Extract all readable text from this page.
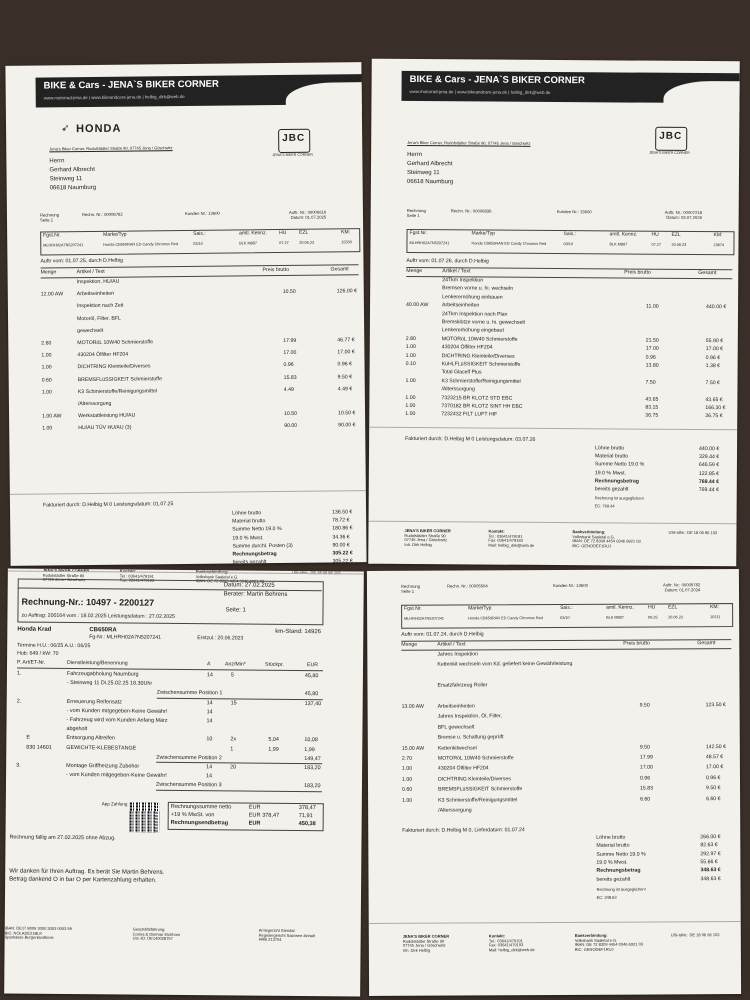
BIKE & Cars - JENA`S BIKER CORNER
www.motorrad-jena.de | www.bikeandcars-jena.de | helbig_dirk@web.de
HONDA
➶
JBC
JENA'S BIKER CORNER
Jena's Biker Corner, Rudolstädter Straße 90, 07745 Jena / Göschwitz
Herrn
Gerhard Albrecht
Steinweg 11
06618 Naumburg
Rechnung
Seite 1
Rechn. Nr.: 00006782	Kunden Nr.: 13600	Auftr. Nr.: 00006616
Datum: 01.07.2025
Fgst.Nr.	Marke/Typ	Sais.:	amtl. Kennz. HU	EZL	KM:
MLHRH02A7N5207241	Honda CB650RAN ED Candy Chromos Red	03/10	BLK M887	07.27	20.06.23	15550
Auftr vom: 01.07.25, durch D.Helbig
Menge	Artikel / Text	Preis brutto	Gesamt
Inspektion, HU/AU
12.00 AW	Arbeitseinheiten	10.50	126.00 €
Inspektion nach Zeit
Motoröl, Filter, BFL
gewechselt
2.60	MOTORöL 10W40 Schmierstoffe	17.99	46.77 €
1.00	430204 Ölfilter HF204	17.00	17.00 €
1.00	DICHTRING Kleinteile/Diverses	0.96	0.96 €
0.60	BREMSFLüSSIGKEIT Schmierstoffe	15.83	9.50 €
1.00	K3 Schmierstoffe/Reinigungsmittel	4.49	4.49 €
/Alterssorgung
1.00 AW	Werkstattleistung HU/AU	10.50	10.50 €
1.00	HU/AU TÜV HU/AU (3)	90.00	90.00 €
Fakturiert durch: D.Helbig M 0 Leistungsdatum: 01.07.25
Löhne brutto	136.50 €
Material brutto	78.72 €
Summe Netto 19.0 %	180.86 €
19.0 % Mwst.	34.36 €
Summe durchl. Posten (3)	90.00 €
Rechnungsbetrag	305.22 €
bereits gezahlt	305.22 €
BIKE & Cars - JENA`S BIKER CORNER
www.motorrad-jena.de | www.bikeandcars-jena.de | helbig_dirk@web.de
JBC
JENA'S BIKER CORNER
Jena's Biker Corner, Rudolstädter Straße 90, 07745 Jena / Göschwitz
Herrn
Gerhard Albrecht
Steinweg 11
06618 Naumburg
Rechnung
Seite 1
Rechn. Nr.: 00006836	Kunden Nr.: 13600	Auftr. Nr.: 00007218
Datum: 03.07.2026
Fgst.Nr.	Marke/Typ	Sais.:	amtl. Kennz.	HU	EZL	KM:
MLHRH02A7N5207241	Honda CB650RAN ED Candy Chromos Red	03/10	BLK M887	07.27	20.06.23	23674
Auftr vom: 01.07.26, durch D.Helbig
Menge	Artikel / Text	Preis brutto	Gesamt
24Tkm Inspektion
Bremsen vorne u. hi. wechseln
Lenkerernöhung einbauen
40.00 AW	Arbeitseinheiten	11.00	440.00 €
24Tkm Inspektion nach Plan
Bremsklötze vorne u. hi. gewechselt
Lenkererhöhung eingebaut
2.80	MOTORöL 10W40 Schmierstoffe	21.50	55.90 €
1.00	430204 Ölfilter HF204	17.00	17.00 €
1.00	DICHTRING Kleinteile/Diverses	0.96	0.96 €
0.10	KüHLFLüSSIGKEIT Schmierstoffe	13.80	1.38 €
Total Glacelf Plus
1.00	K3 Schmierstoffe/Reinigungsmittel	7.50	7.50 €
/Alterssorgung
1.00	7323215 BR KLOTZ STD EBC	43.65	43.65 €
1.00	7370182 BR KLOTZ SINT HH EBC	83.15	166.30 €
1.00	7232432 FILT LUFT HIF	36.75	36.75 €
Fakturiert durch: D.Helbig M 0 Leistungsdatum: 03.07.26
Löhne brutto	440.00 €
Material brutto	329.44 €
Summe Netto 19.0 %	646.59 €
19.0 % Mwst.	122.85 €
Rechnungsbetrag	769.44 €
bereits gezahlt	769.44 €
Rechnung ist ausgeglichen!
EC: 769.44
JENA'S BIKER CORNER
Rudolstädter Straße 90
07745 Jena / Göschwitz
Inh. Dirk Helbig
Kontakt:
Tel.: 03641/479191
Fax: 03641/479193
Mail: helbig_dirk@web.de
Bankverbindung:
Volksbank Saaletal e.G.
IBAN: DE 72 8309 4454 0346 6921 03
BIC: GENODEF1RUJ
USt-IdNr.: DE 18 06 96 103
Rudolstädter Straße 90
07745 Jena / Göschwitz
Tel.: 03641/479191
Fax: 03641/479193
Volksbank Saaletal e.G.
IBAN: DE 72 8309 4454 0346 6921 03
Datum: 27.02.2025
Berater: Martin Behrens
Rechnung-Nr.: 10497 - 2200127
Seite: 1
zu Auftrag: 200164 vom : 18.02.2025 Leistungsdatum : 27.02.2025
Honda Krad	CB650RA	km-Stand: 14926
Fg-Nr.: MLHRH02A7N5207241	Erstzul.: 20.06.2023
Termine H.U.: 06/25 A.U.: 06/25
Hub: 649 / kW: 70
P. Art/ET-Nr.	Dienstleistung/Benennung	A	Anz/Min*	Stückpr.	EUR
1.	Fahrzeugabholung Naumburg	14	5	45,80
- Steinweg 11 Di.25.02.25 18.30Uhr
Zwischensumme Position 1	45,80
2.	Erneuerung Reifensatz	14	15	137,40
- vom Kunden mitgegeben-Keine Gewähr!	14
- Fahrzeug wird vom Kunden Anfang März	14
abgeholt
E	Entsorgung Altreifen	10	2x	5,04	10,08
830 14601	GEWICHTE-KLEBESTANGE	1	1,99	1,99
Zwischensumme Position 2	149,47
3.	Montage Griffheizung Zubehör	14	20	183,20
- vom Kunden mitgegeben-Keine Gewähr!	14
Zwischensumme Position 3	183,20
App Zahlung	Rechnungssumme netto	EUR	378,47
+19 % MwSt. von	EUR 378,47	71,91
Rechnungsendbetrag	EUR	450,38
Rechnung fällig am 27.02.2025 ohne Abzug.
Wir danken für Ihren Auftrag. Es berät Sie Martin Behrens.
Betrag dankend O in bar O per Kartenzahlung erhalten.
IBAN: DE17 8005 3000 3053 0003 59
BIC: NOLADE21BLK
Sparkasse Burgenlandkreis
Geschäftsführung:
Corina & Dietmar Eichhorn
Ust.-ID: DE140028757
Amtsgericht Stendal
Registergericht Sachsen-Anhalt
HRB 213754
Rechnung
Seite 1
Rechn. Nr.: 00005504	Kunden Nr.: 13600	Auftr. Nr.: 00005782
Datum: 01.07.2024
Fgst.Nr.	Marke/Typ	Sais.:	amtl. Kennz.	HU	EZL	KM:
MLHRH02A7N5207241	Honda CB650RAN ED Candy Chromos Red	03/10	BLK M887	06.25	20.06.23	10211
Auftr vom: 01.07.24, durch D.Helbig
Menge	Artikel / Text	Preis brutto	Gesamt
Jahres Inspektion
Kettenkit wechseln vom Kd. geliefert keine Gewährleistung
Ersatzfahrzeug Roller
13.00 AW	Arbeitseinheiten	9.50	123.50 €
Jahres Inspektion, Öl, Filter,
BFL gewechselt
Bremse u. Schaltung geprüft
15.00 AW	Kettenkitwechsel	9.50	142.50 €
2.70	MOTORöL 10W40 Schmierstoffe	17.99	48.57 €
1.00	430204 Ölfilter HF204	17.00	17.00 €
1.00	DICHTRING Kleinteile/Diverses	0.96	0.96 €
0.60	BREMSFLüSSIGKEIT Schmierstoffe	15.83	9.50 €
1.00	K3 Schmierstoffe/Reinigungsmittel	6.60	6.60 €
/Alterssorgung
Fakturiert durch: D.Helbig M 0, Lieferdatum: 01.07.24
Löhne brutto	266.00 €
Material brutto	82.63 €
Summe Netto 19.0 %	292.97 €
19.0 % Mwst.	55.66 €
Rechnungsbetrag	348.63 €
bereits gezahlt	348.63 €
Rechnung ist ausgeglichen!
EC: 348.63
JENA'S BIKER CORNER
Rudolstädter Straße 90
07745 Jena / Göschwitz
Inh. Dirk Helbig
Kontakt:
Tel.: 03641/479191
Fax: 03641/479193
Mail: helbig_dirk@web.de
Bankverbindung:
Volksbank Saaletal e.G.
IBAN: DE 72 8309 4454 0346 6921 03
BIC: GENODEF1RUJ
USt-IdNr.: DE 18 06 96 103
